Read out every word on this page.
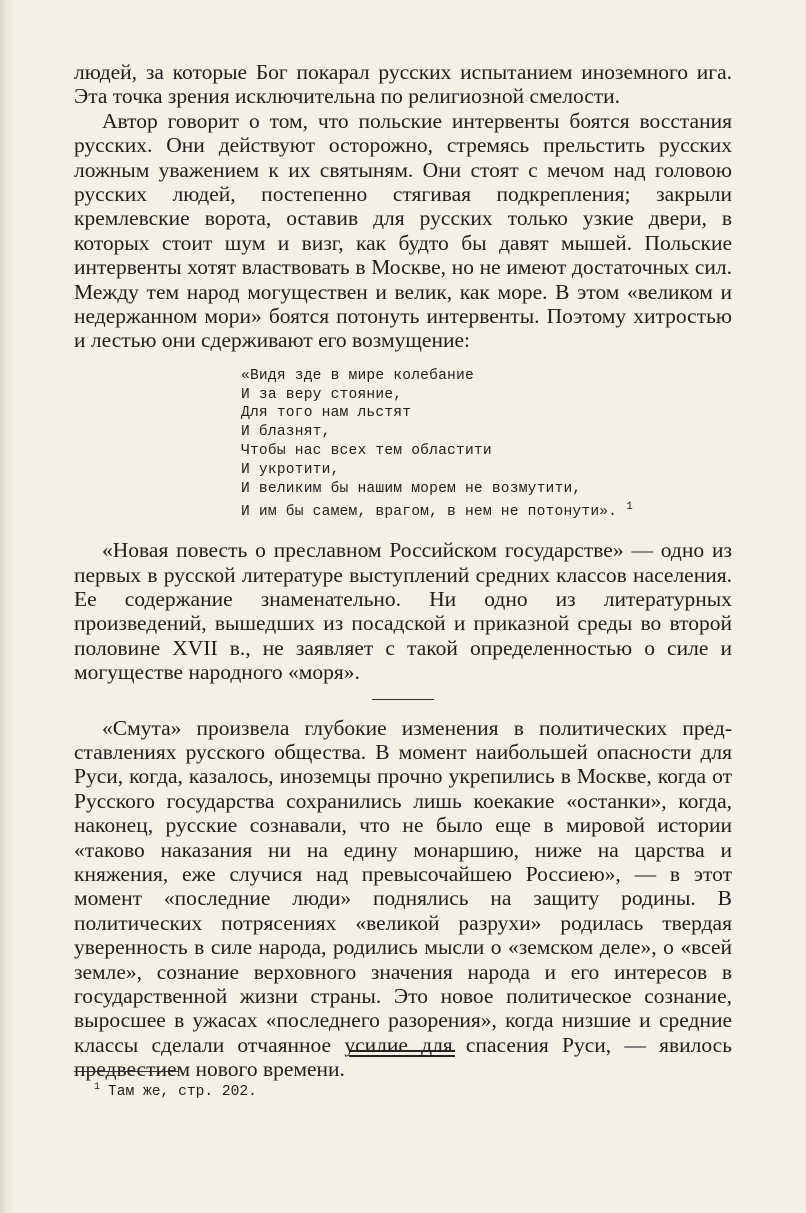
людей, за которые Бог покарал русских испытанием иноземного ига. Эта точка зрения исключительна по религиозной смелости.

Автор говорит о том, что польские интервенты боятся восстания русских. Они действуют осторожно, стремясь прельстить русских ложным уважением к их святыням. Они стоят с мечом над головою русских людей, постепенно стягивая подкрепления; закрыли кремлевские ворота, оставив для русских только узкие двери, в которых стоит шум и визг, как будто бы давят мышей. Польские интервенты хотят властвовать в Москве, но не имеют достаточных сил. Между тем народ могуществен и велик, как море. В этом «великом и недержанном мори» боятся потонуть интервенты. Поэтому хитростью и лестью они сдерживают его возмущение:

«Видя зде в мире колебание
И за веру стояние,
Для того нам льстят
И блазнят,
Чтобы нас всех тем областити
И укротити,
И великим бы нашим морем не возмутити,
И им бы самем, врагом, в нем не потонути». $^1$

«Новая повесть о преславном Российском государстве» — одно из первых в русской литературе выступлений средних классов населения. Ее содержание знаменательно. Ни одно из литературных произведений, вышедших из посадской и приказной среды во второй половине XVII в., не заявляет с такой определенностью о силе и могуществе народного «моря».

«Смута» произвела глубокие изменения в политических представлениях русского общества. В момент наибольшей опасности для Руси, когда, казалось, иноземцы прочно укрепились в Москве, когда от Русского государства сохранились лишь коекакие «останки», когда, наконец, русские сознавали, что не было еще в мировой истории «таково наказания ни на едину монаршию, ниже на царства и княжения, еже случися над превысочайшею Россиею», — в этот момент «последние люди» поднялись на защиту родины. В политических потрясениях «великой разрухи» родилась твердая уверенность в силе народа, родились мысли о «земском деле», о «всей земле», сознание верховного значения народа и его интересов в государственной жизни страны. Это новое политическое сознание, выросшее в ужасах «последнего разорения», когда низшие и средние классы сделали отчаянное усилие для спасения Руси, — явилось предвестием нового времени.

$^1$ Там же, стр. 202.
